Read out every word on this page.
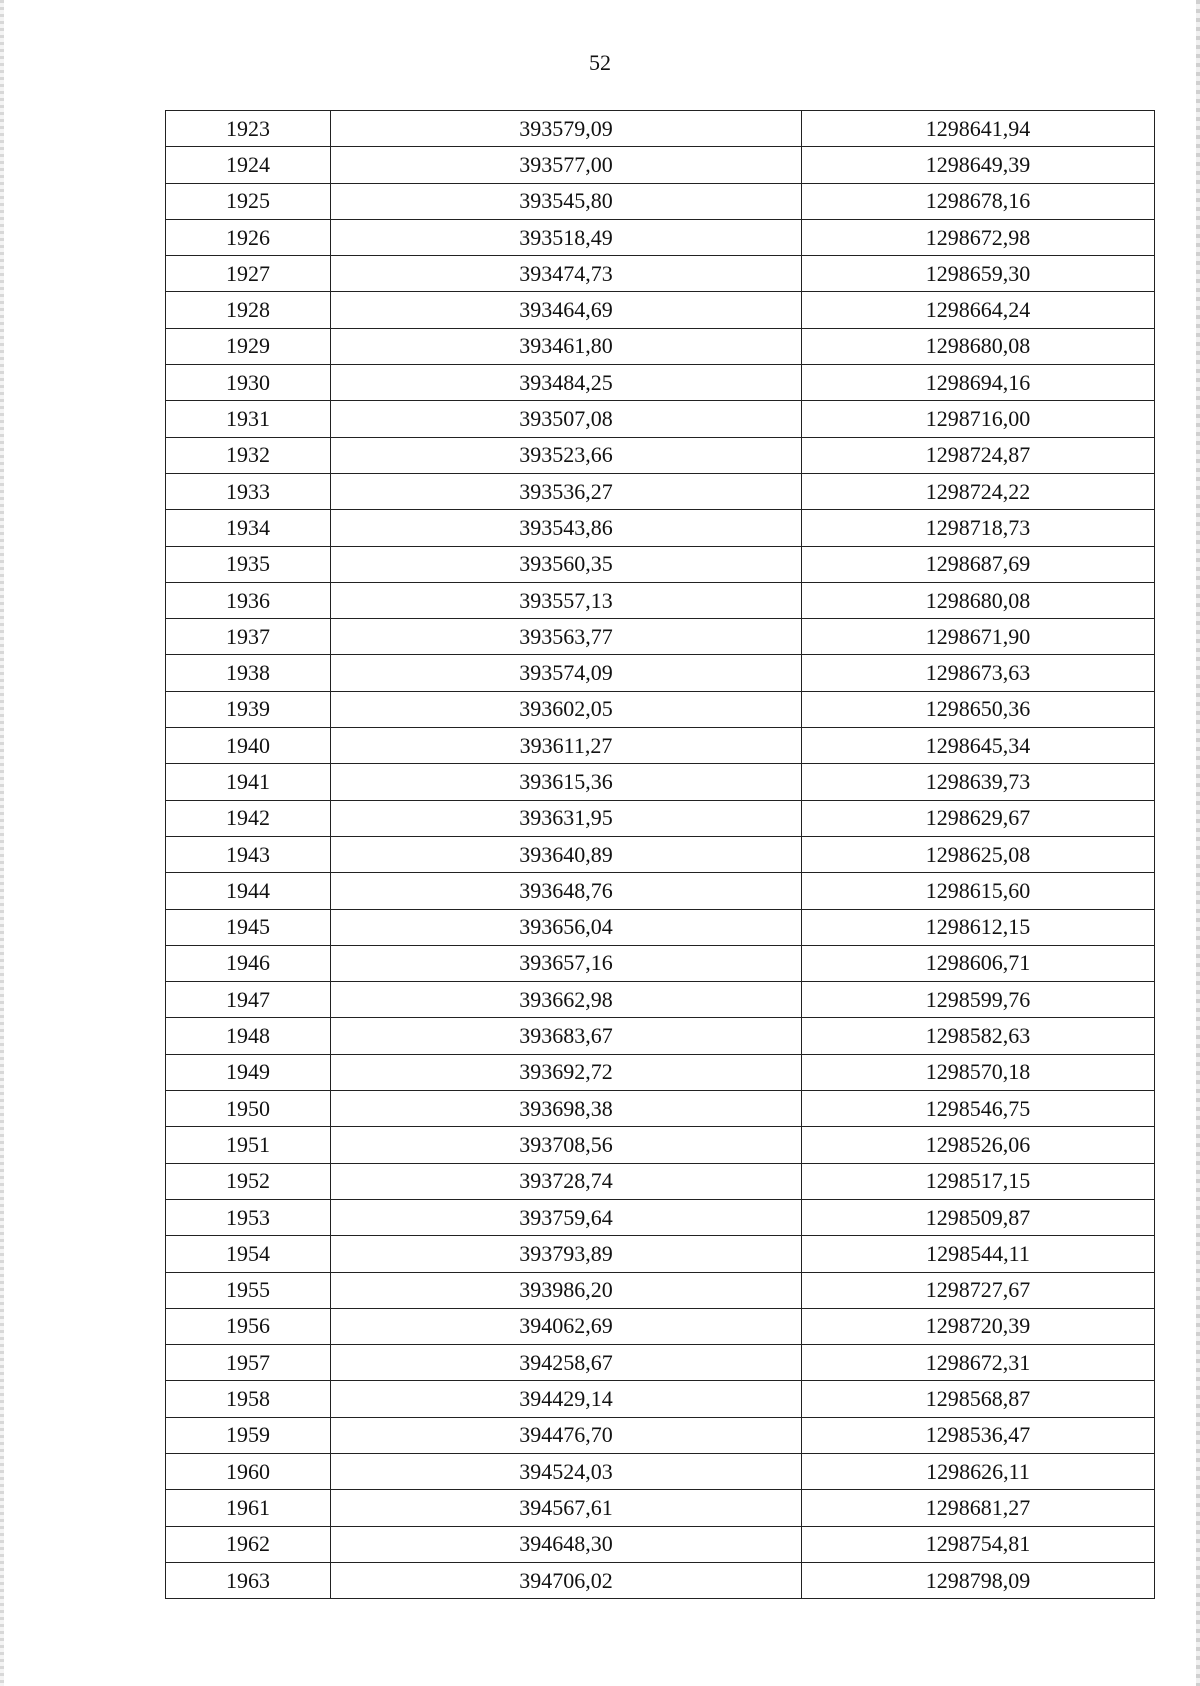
52
1923	393579,09	1298641,94
1924	393577,00	1298649,39
1925	393545,80	1298678,16
1926	393518,49	1298672,98
1927	393474,73	1298659,30
1928	393464,69	1298664,24
1929	393461,80	1298680,08
1930	393484,25	1298694,16
1931	393507,08	1298716,00
1932	393523,66	1298724,87
1933	393536,27	1298724,22
1934	393543,86	1298718,73
1935	393560,35	1298687,69
1936	393557,13	1298680,08
1937	393563,77	1298671,90
1938	393574,09	1298673,63
1939	393602,05	1298650,36
1940	393611,27	1298645,34
1941	393615,36	1298639,73
1942	393631,95	1298629,67
1943	393640,89	1298625,08
1944	393648,76	1298615,60
1945	393656,04	1298612,15
1946	393657,16	1298606,71
1947	393662,98	1298599,76
1948	393683,67	1298582,63
1949	393692,72	1298570,18
1950	393698,38	1298546,75
1951	393708,56	1298526,06
1952	393728,74	1298517,15
1953	393759,64	1298509,87
1954	393793,89	1298544,11
1955	393986,20	1298727,67
1956	394062,69	1298720,39
1957	394258,67	1298672,31
1958	394429,14	1298568,87
1959	394476,70	1298536,47
1960	394524,03	1298626,11
1961	394567,61	1298681,27
1962	394648,30	1298754,81
1963	394706,02	1298798,09
